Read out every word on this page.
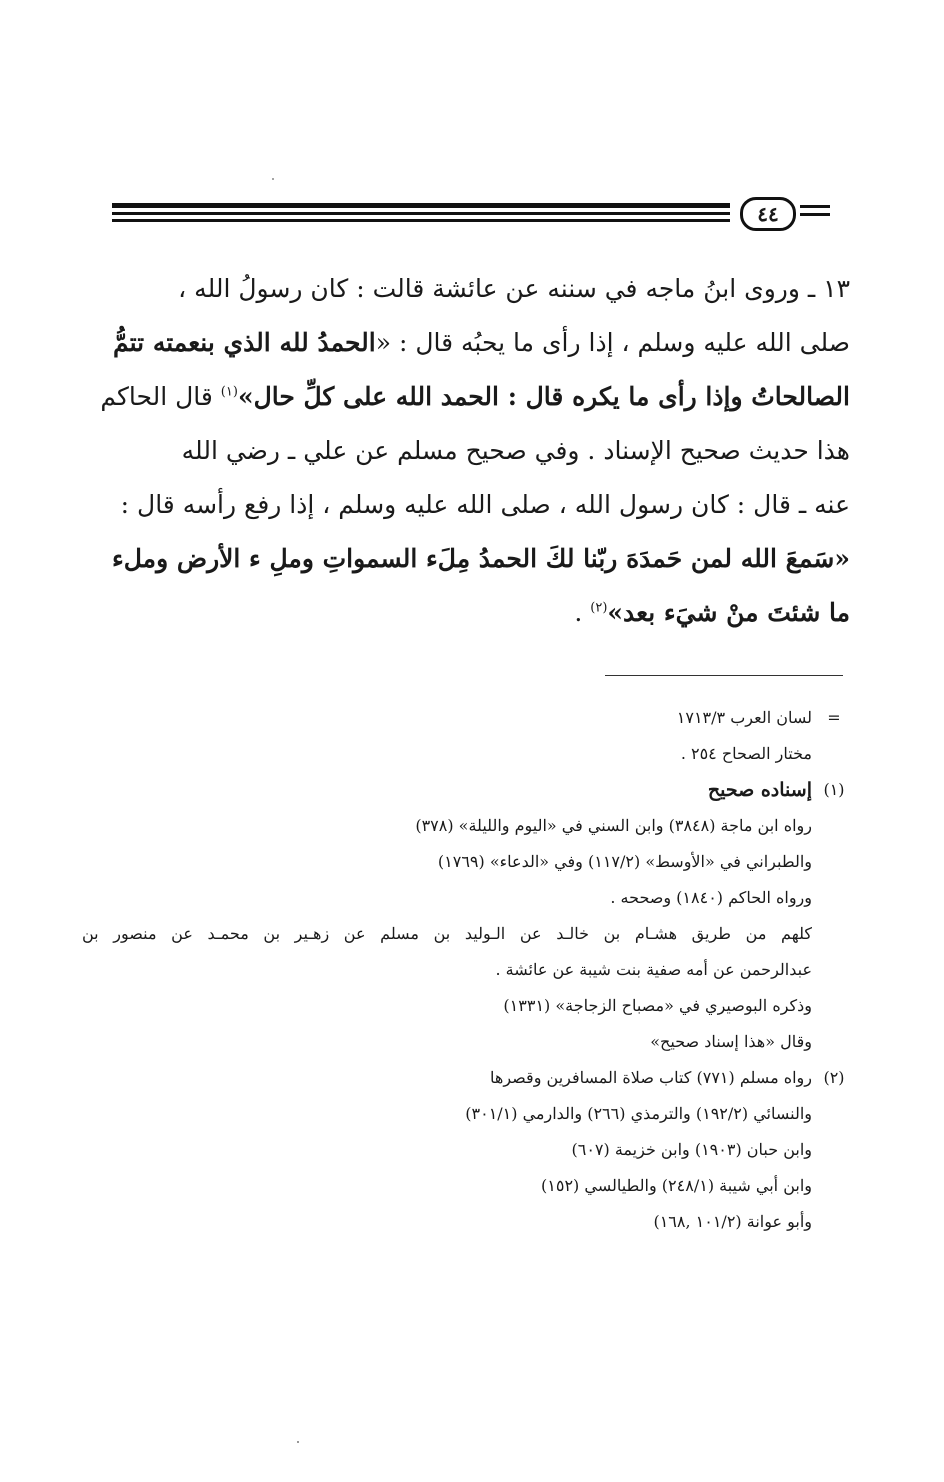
٤٤
١٣ ـ وروى ابنُ ماجه في سننه عن عائشة قالت : كان رسولُ الله ،
صلى الله عليه وسلم ، إذا رأى ما يحبُه قال : «الحمدُ لله الذي بنعمته تتمُّ
الصالحاتُ وإذا رأى ما يكره قال : الحمد الله على كلِّ حال»$^{(١)}$ قال الحاكم
هذا حديث صحيح الإسناد . وفي صحيح مسلم عن علي ـ رضي الله
عنه ـ قال : كان رسول الله ، صلى الله عليه وسلم ، إذا رفع رأسه قال :
«سَمعَ الله لمن حَمدَهَ ربّنا لكَ الحمدُ مِلَء السمواتِ وملِ ء الأرض وملء
ما شئتَ منْ شيَء بعد»$^{(٢)}$ .
=
لسان العرب ١٧١٣/٣
مختار الصحاح ٢٥٤ .
(١)
إسناده صحيح
رواه ابن ماجة (٣٨٤٨) وابن السني في «اليوم والليلة» (٣٧٨)
والطبراني في «الأوسط» (١١٧/٢) وفي «الدعاء» (١٧٦٩)
ورواه الحاكم (١٨٤٠) وصححه .
كلهم من طريق هشـام بن خالـد عن الـوليد بن مسلم عن زهـير بن محمـد عن منصور بن
عبدالرحمن عن أمه صفية بنت شيبة عن عائشة .
وذكره البوصيري في «مصباح الزجاجة» (١٣٣١)
وقال «هذا إسناد صحيح»
(٢)
رواه مسلم (٧٧١) كتاب صلاة المسافرين وقصرها
والنسائي (١٩٢/٢) والترمذي (٢٦٦) والدارمي (٣٠١/١)
وابن حبان (١٩٠٣) وابن خزيمة (٦٠٧)
وابن أبي شيبة (٢٤٨/١) والطيالسي (١٥٢)
وأبو عوانة (١٠١/٢ ,١٦٨)
